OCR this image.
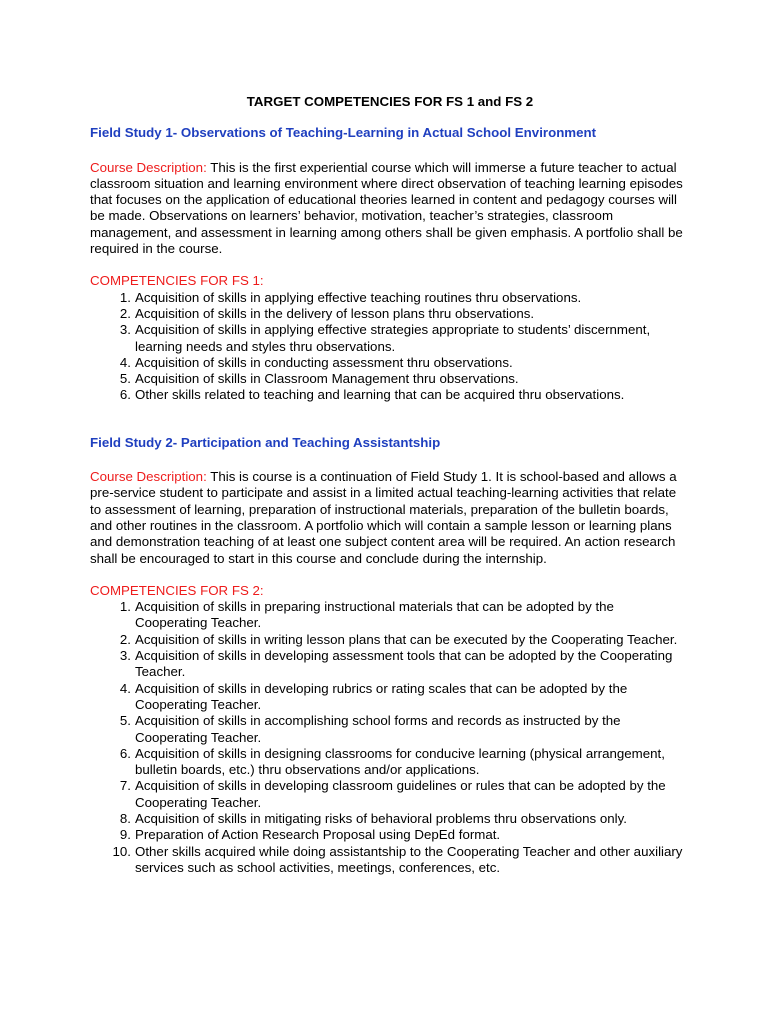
TARGET COMPETENCIES FOR FS 1 and FS 2
Field Study 1- Observations of Teaching-Learning in Actual School Environment
Course Description: This is the first experiential course which will immerse a future teacher to actual classroom situation and learning environment where direct observation of teaching learning episodes that focuses on the application of educational theories learned in content and pedagogy courses will be made. Observations on learners’ behavior, motivation, teacher’s strategies, classroom management, and assessment in learning among others shall be given emphasis. A portfolio shall be required in the course.
COMPETENCIES FOR FS 1:
1. Acquisition of skills in applying effective teaching routines thru observations.
2. Acquisition of skills in the delivery of lesson plans thru observations.
3. Acquisition of skills in applying effective strategies appropriate to students’ discernment, learning needs and styles thru observations.
4. Acquisition of skills in conducting assessment thru observations.
5. Acquisition of skills in Classroom Management thru observations.
6. Other skills related to teaching and learning that can be acquired thru observations.
Field Study 2- Participation and Teaching Assistantship
Course Description: This is course is a continuation of Field Study 1. It is school-based and allows a pre-service student to participate and assist in a limited actual teaching-learning activities that relate to assessment of learning, preparation of instructional materials, preparation of the bulletin boards, and other routines in the classroom. A portfolio which will contain a sample lesson or learning plans and demonstration teaching of at least one subject content area will be required. An action research shall be encouraged to start in this course and conclude during the internship.
COMPETENCIES FOR FS 2:
1. Acquisition of skills in preparing instructional materials that can be adopted by the Cooperating Teacher.
2. Acquisition of skills in writing lesson plans that can be executed by the Cooperating Teacher.
3. Acquisition of skills in developing assessment tools that can be adopted by the Cooperating Teacher.
4. Acquisition of skills in developing rubrics or rating scales that can be adopted by the Cooperating Teacher.
5. Acquisition of skills in accomplishing school forms and records as instructed by the Cooperating Teacher.
6. Acquisition of skills in designing classrooms for conducive learning (physical arrangement, bulletin boards, etc.) thru observations and/or applications.
7. Acquisition of skills in developing classroom guidelines or rules that can be adopted by the Cooperating Teacher.
8. Acquisition of skills in mitigating risks of behavioral problems thru observations only.
9. Preparation of Action Research Proposal using DepEd format.
10. Other skills acquired while doing assistantship to the Cooperating Teacher and other auxiliary services such as school activities, meetings, conferences, etc.
